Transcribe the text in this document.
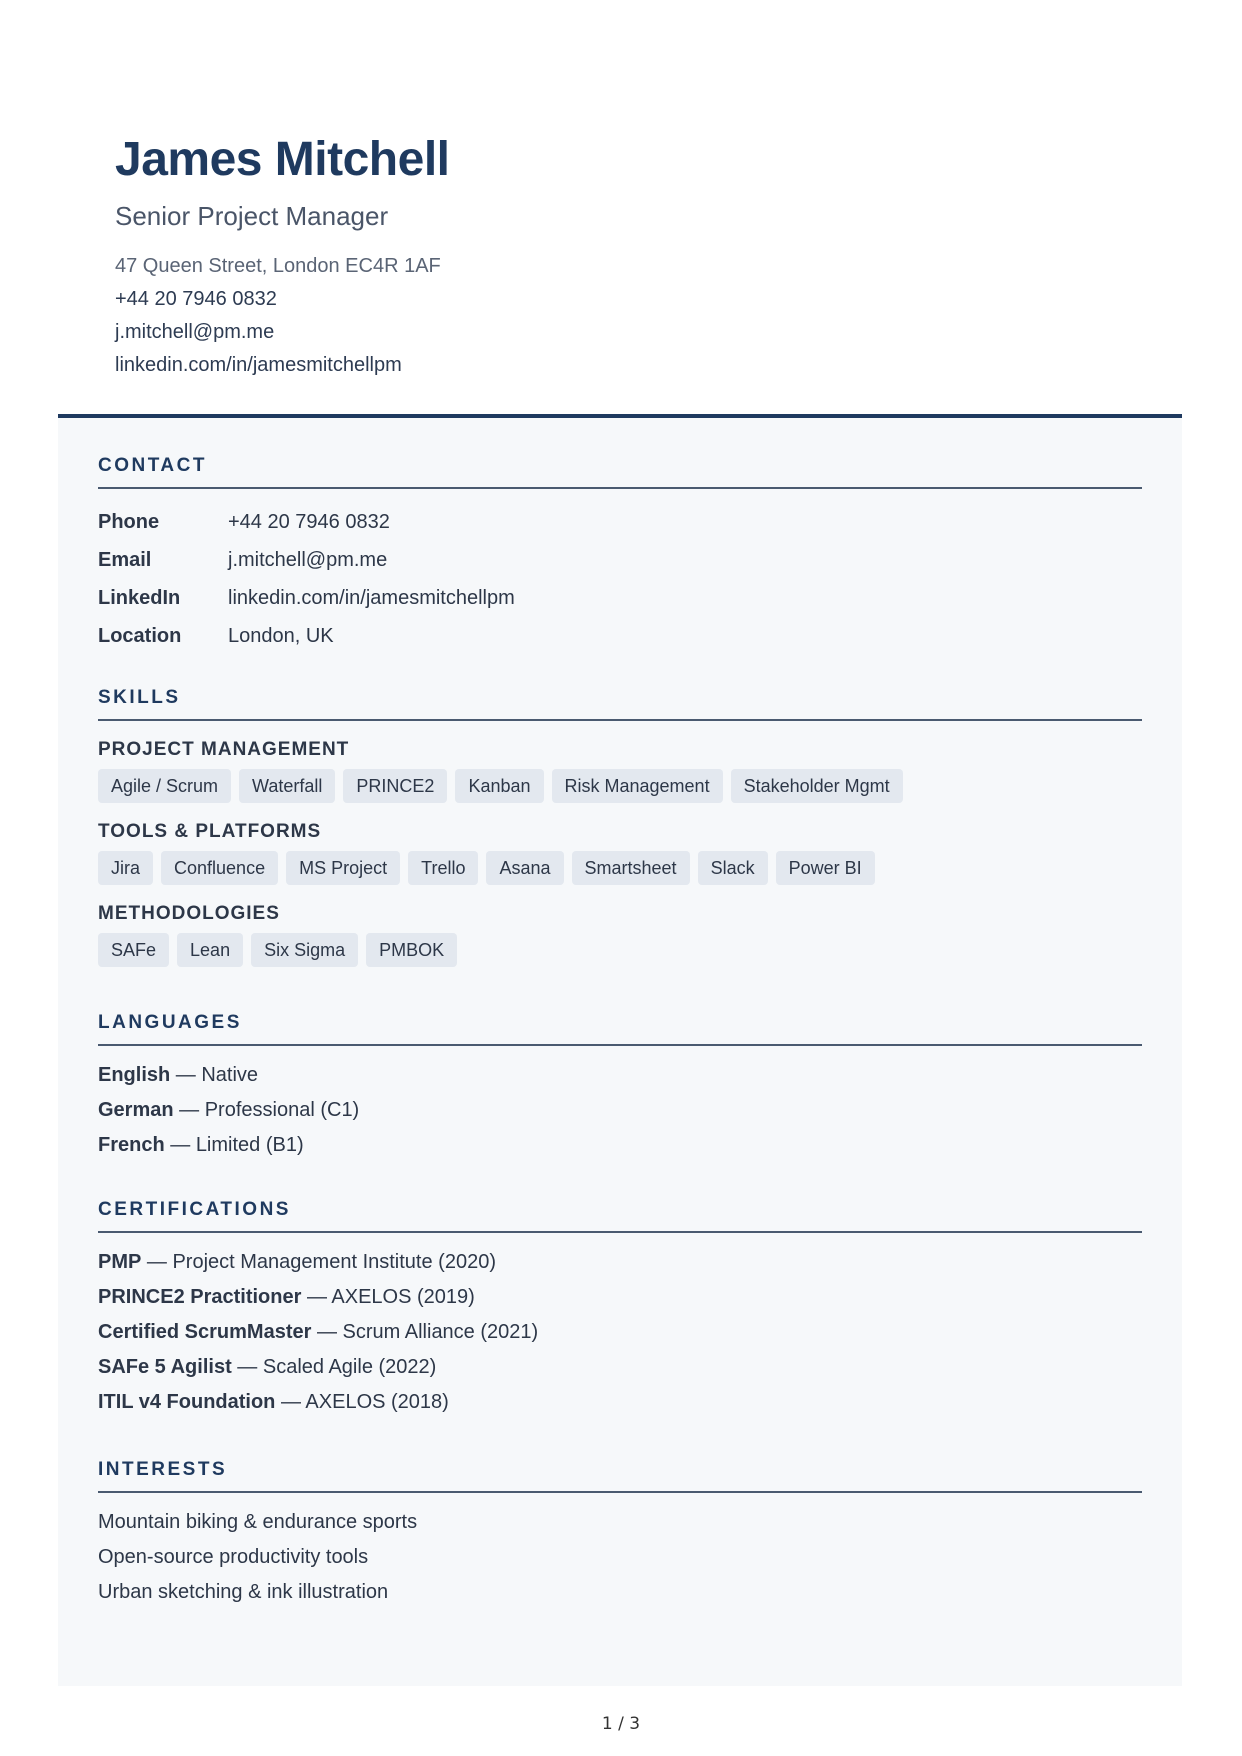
James Mitchell
Senior Project Manager
47 Queen Street, London EC4R 1AF
+44 20 7946 0832
j.mitchell@pm.me
linkedin.com/in/jamesmitchellpm
CONTACT
Phone	+44 20 7946 0832
Email	j.mitchell@pm.me
LinkedIn	linkedin.com/in/jamesmitchellpm
Location	London, UK
SKILLS
PROJECT MANAGEMENT
Agile / Scrum	Waterfall	PRINCE2	Kanban	Risk Management	Stakeholder Mgmt
TOOLS & PLATFORMS
Jira	Confluence	MS Project	Trello	Asana	Smartsheet	Slack	Power BI
METHODOLOGIES
SAFe	Lean	Six Sigma	PMBOK
LANGUAGES
English — Native
German — Professional (C1)
French — Limited (B1)
CERTIFICATIONS
PMP — Project Management Institute (2020)
PRINCE2 Practitioner — AXELOS (2019)
Certified ScrumMaster — Scrum Alliance (2021)
SAFe 5 Agilist — Scaled Agile (2022)
ITIL v4 Foundation — AXELOS (2018)
INTERESTS
Mountain biking & endurance sports
Open-source productivity tools
Urban sketching & ink illustration
1 / 3
